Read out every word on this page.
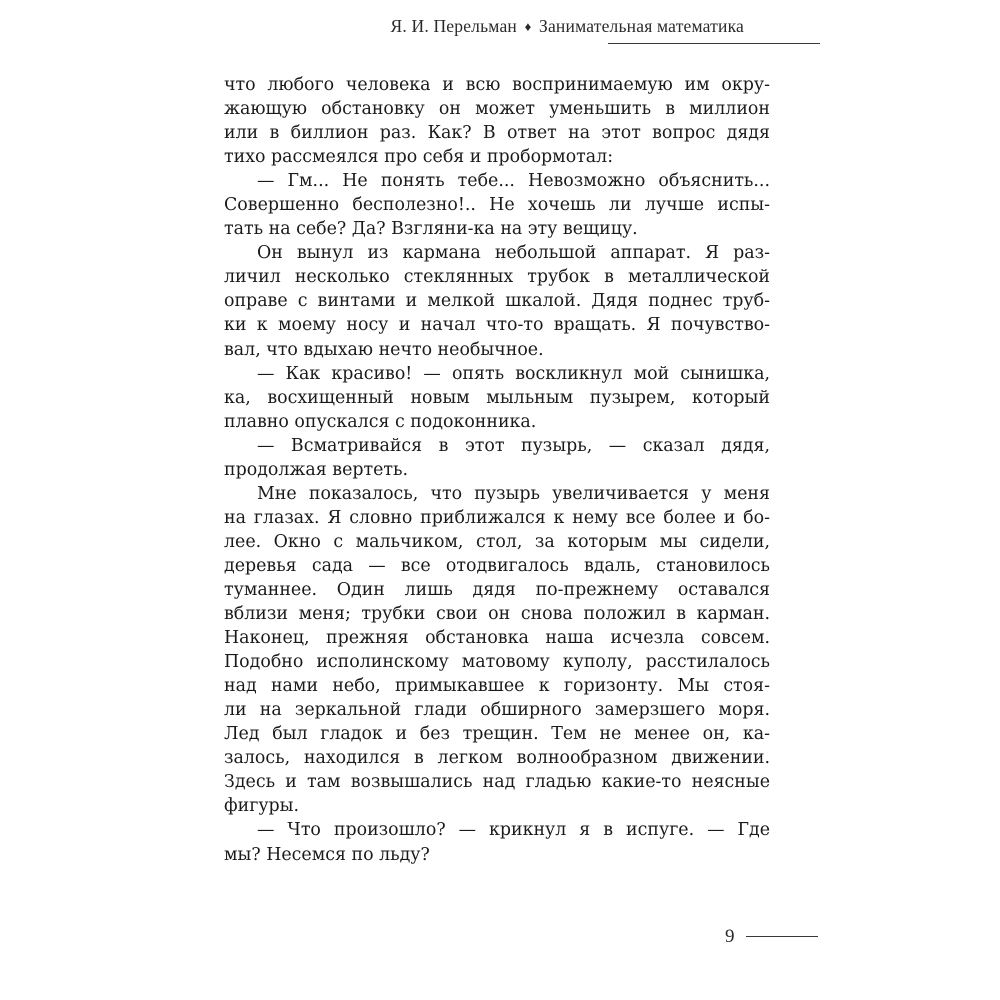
Я. И. Перельман ♦ Занимательная математика
что любого человека и всю воспринимаемую им окру-
жающую обстановку он может уменьшить в миллион
или в биллион раз. Как? В ответ на этот вопрос дядя
тихо рассмеялся про себя и пробормотал:
— Гм... Не понять тебе... Невозможно объяснить...
Совершенно бесполезно!.. Не хочешь ли лучше испы-
тать на себе? Да? Взгляни-ка на эту вещицу.
Он вынул из кармана небольшой аппарат. Я раз-
личил несколько стеклянных трубок в металлической
оправе с винтами и мелкой шкалой. Дядя поднес труб-
ки к моему носу и начал что-то вращать. Я почувство-
вал, что вдыхаю нечто необычное.
— Как красиво! — опять воскликнул мой сынишка,
ка, восхищенный новым мыльным пузырем, который
плавно опускался с подоконника.
— Всматривайся в этот пузырь, — сказал дядя,
продолжая вертеть.
Мне показалось, что пузырь увеличивается у меня
на глазах. Я словно приближался к нему все более и бо-
лее. Окно с мальчиком, стол, за которым мы сидели,
деревья сада — все отодвигалось вдаль, становилось
туманнее. Один лишь дядя по-прежнему оставался
вблизи меня; трубки свои он снова положил в карман.
Наконец, прежняя обстановка наша исчезла совсем.
Подобно исполинскому матовому куполу, расстилалось
над нами небо, примыкавшее к горизонту. Мы стоя-
ли на зеркальной глади обширного замерзшего моря.
Лед был гладок и без трещин. Тем не менее он, ка-
залось, находился в легком волнообразном движении.
Здесь и там возвышались над гладью какие-то неясные
фигуры.
— Что произошло? — крикнул я в испуге. — Где
мы? Несемся по льду?
9
